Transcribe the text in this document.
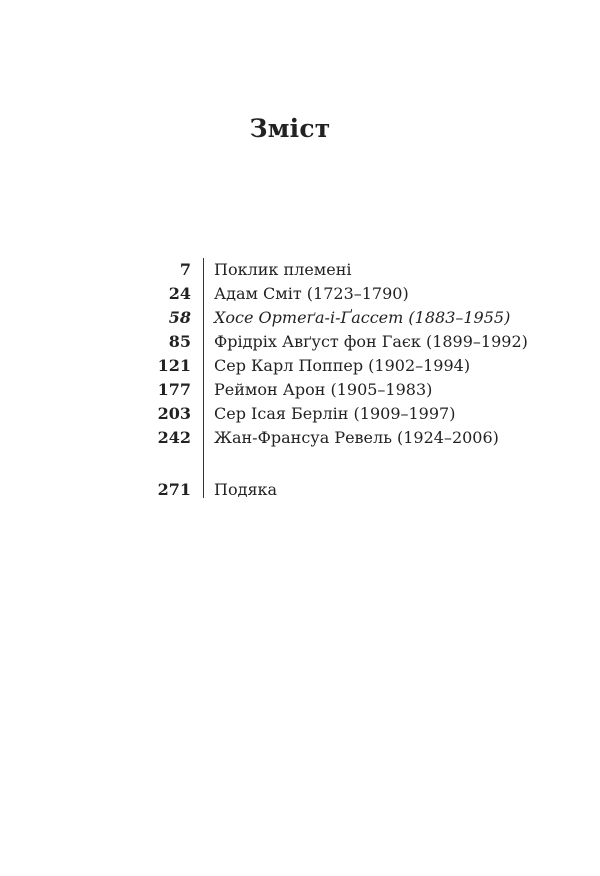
Зміст
7 Поклик племені
24 Адам Сміт (1723–1790)
58 Хосе Ортеґа-і-Ґассет (1883–1955)
85 Фрідріх Авґуст фон Гаєк (1899–1992)
121 Сер Карл Поппер (1902–1994)
177 Реймон Арон (1905–1983)
203 Сер Ісая Берлін (1909–1997)
242 Жан-Франсуа Ревель (1924–2006)
271 Подяка
